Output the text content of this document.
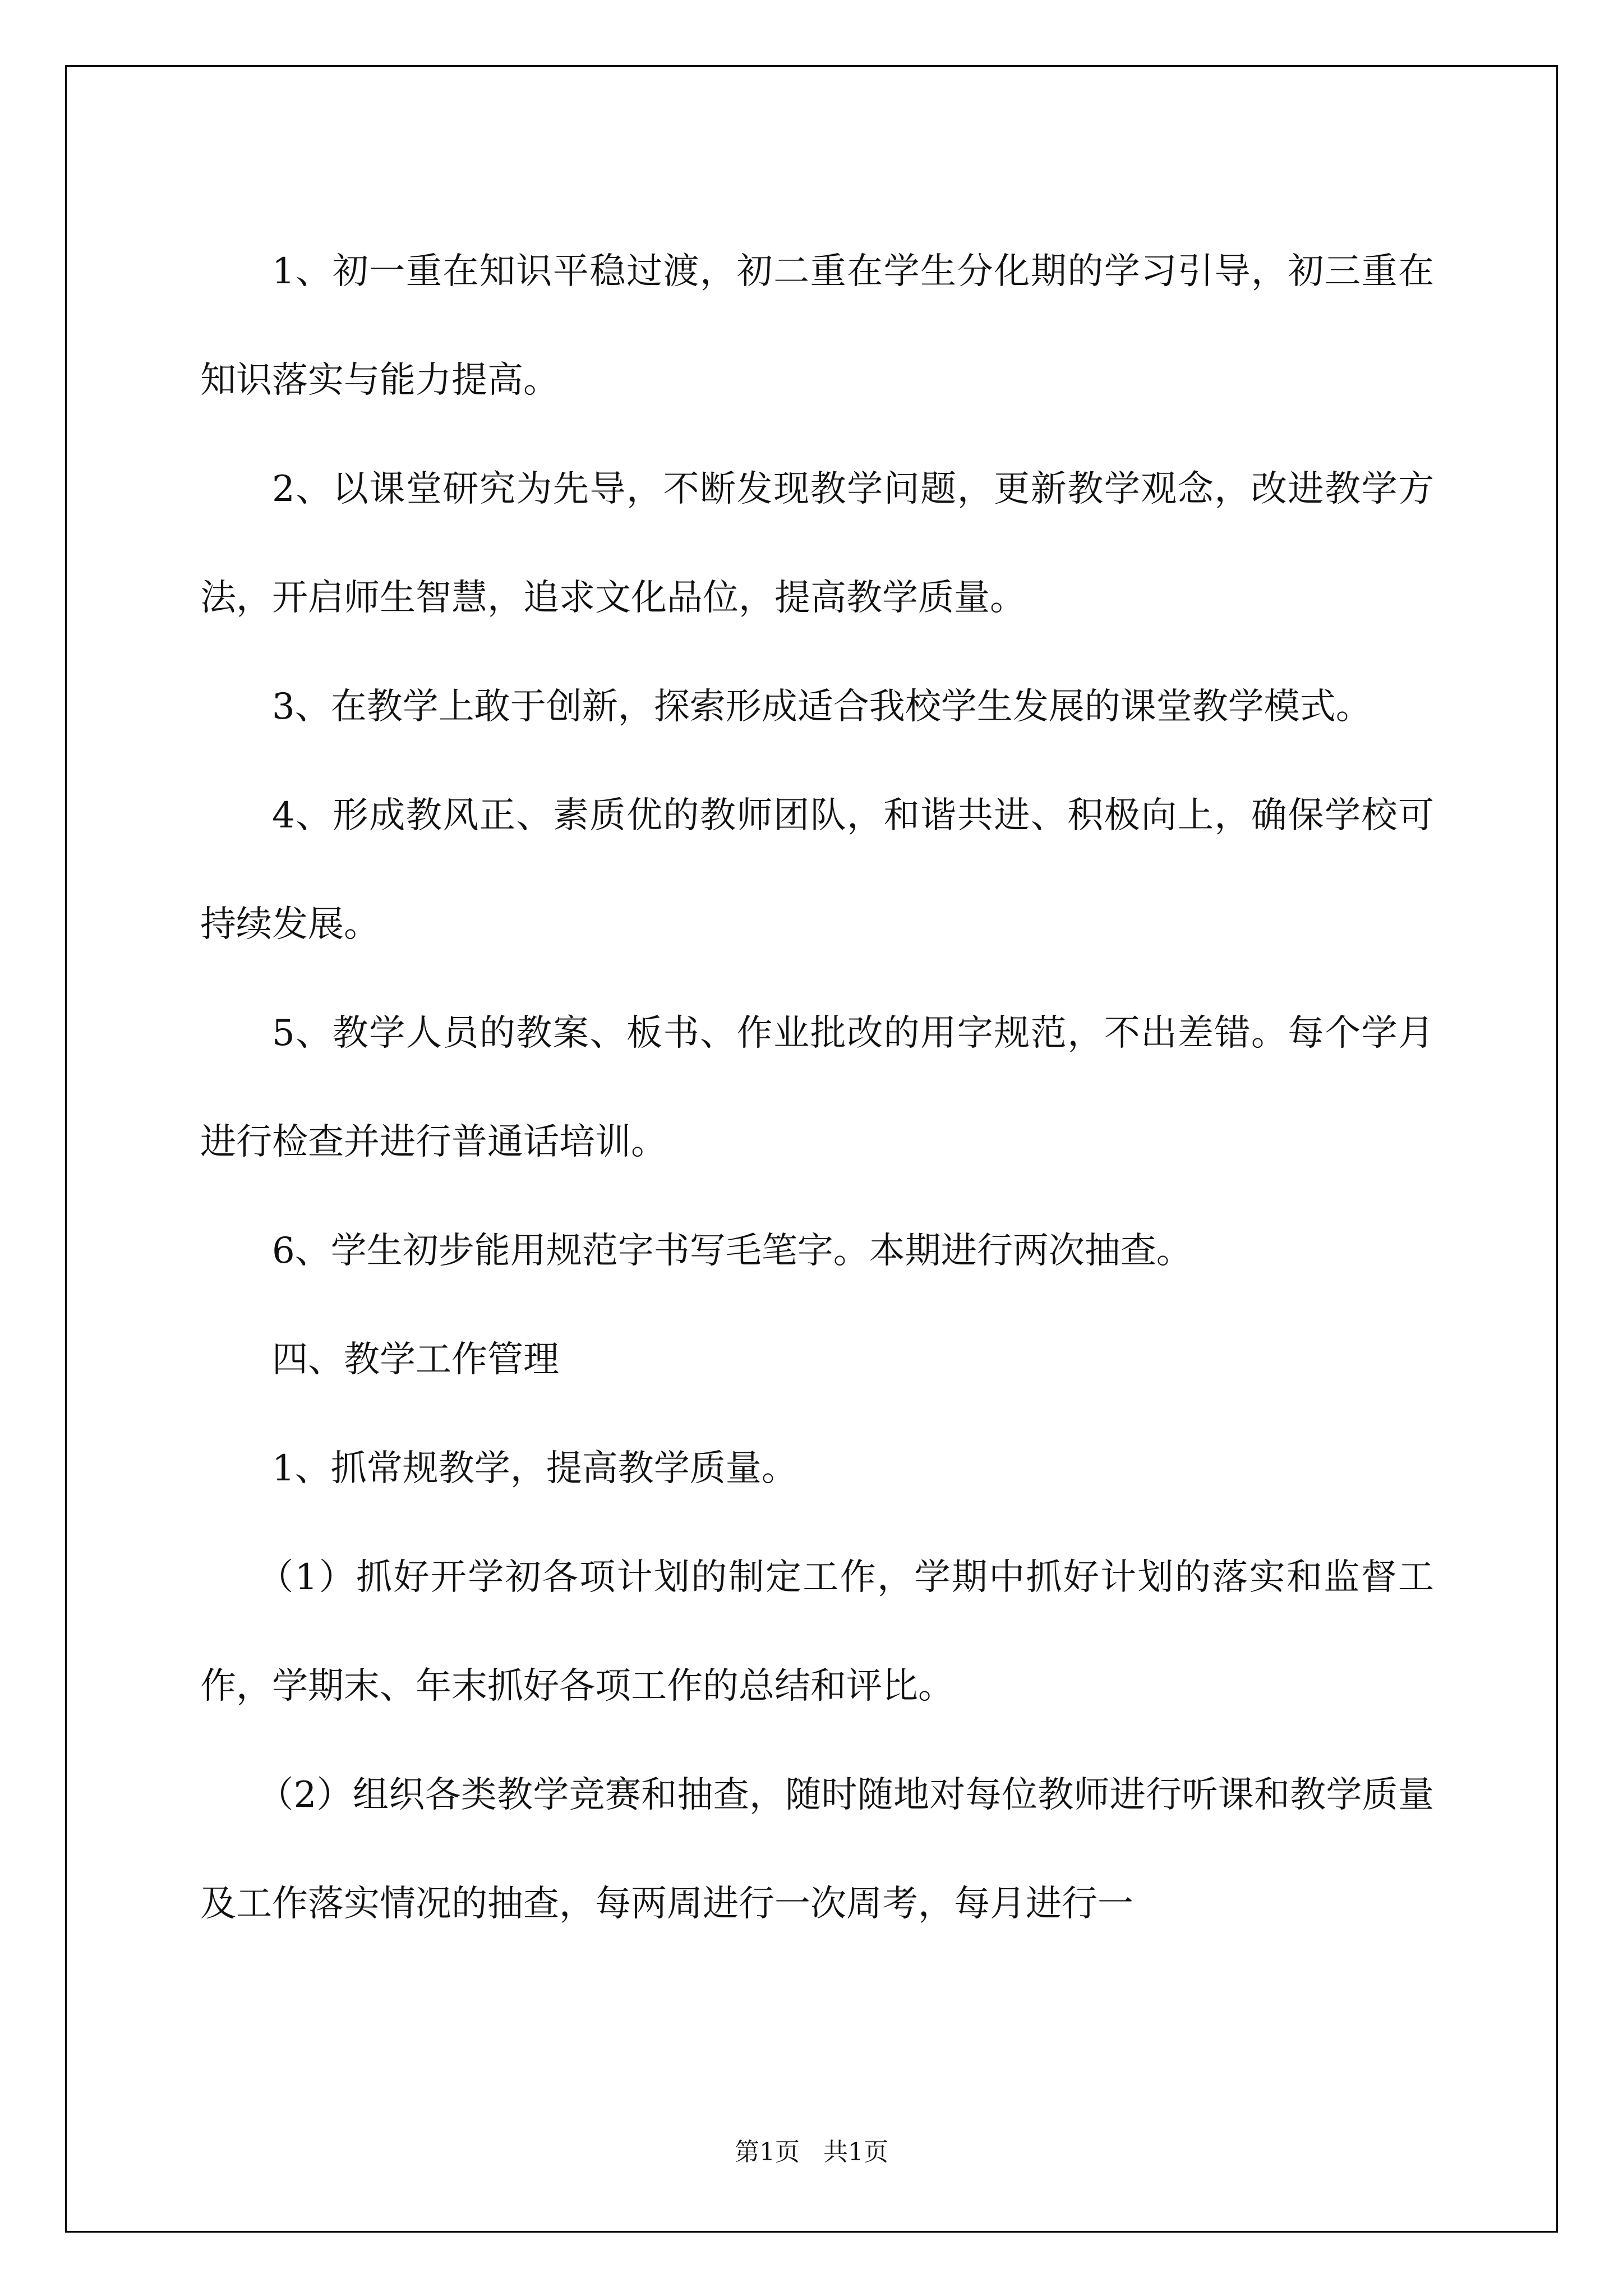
1、初一重在知识平稳过渡，初二重在学生分化期的学习引导，初三重在知识落实与能力提高。

2、以课堂研究为先导，不断发现教学问题，更新教学观念，改进教学方法，开启师生智慧，追求文化品位，提高教学质量。

3、在教学上敢于创新，探索形成适合我校学生发展的课堂教学模式。

4、形成教风正、素质优的教师团队，和谐共进、积极向上，确保学校可持续发展。

5、教学人员的教案、板书、作业批改的用字规范，不出差错。每个学月进行检查并进行普通话培训。

6、学生初步能用规范字书写毛笔字。本期进行两次抽查。

四、教学工作管理

1、抓常规教学，提高教学质量。

（1）抓好开学初各项计划的制定工作，学期中抓好计划的落实和监督工作，学期末、年末抓好各项工作的总结和评比。

（2）组织各类教学竞赛和抽查，随时随地对每位教师进行听课和教学质量及工作落实情况的抽查，每两周进行一次周考，每月进行一

第1页   共1页
